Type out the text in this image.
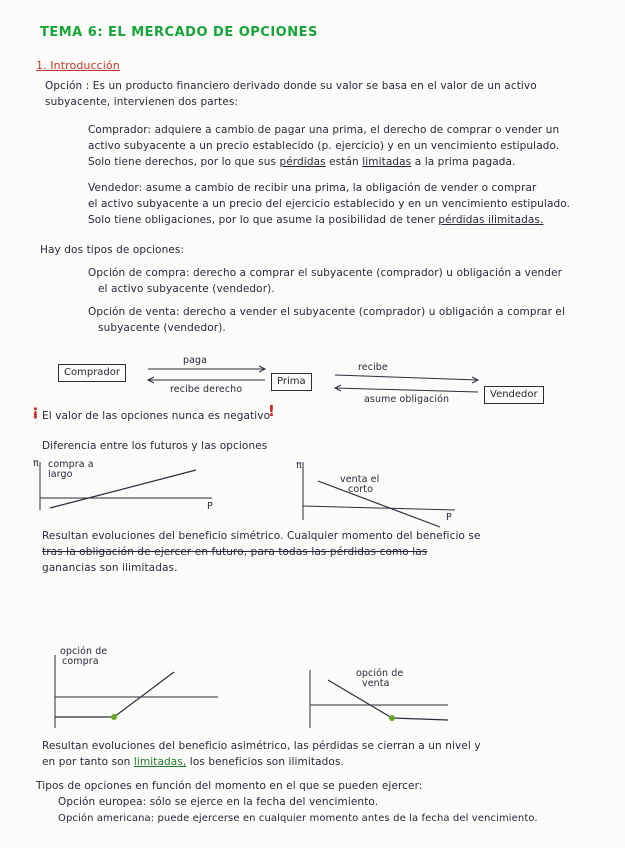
TEMA 6: EL MERCADO DE OPCIONES
1. Introducción
Opción : Es un producto financiero derivado donde su valor se basa en el valor de un activo
subyacente, intervienen dos partes:
Comprador: adquiere a cambio de pagar una prima, el derecho de comprar o vender un
activo subyacente a un precio establecido (p. ejercicio) y en un vencimiento estipulado.
Solo tiene derechos, por lo que sus pérdidas están limitadas a la prima pagada.
Vendedor: asume a cambio de recibir una prima, la obligación de vender o comprar
el activo subyacente a un precio del ejercicio establecido y en un vencimiento estipulado.
Solo tiene obligaciones, por lo que asume la posibilidad de tener pérdidas ilimitadas.
Hay dos tipos de opciones:
Opción de compra: derecho a comprar el subyacente (comprador) u obligación a vender
el activo subyacente (vendedor).
Opción de venta: derecho a vender el subyacente (comprador) u obligación a comprar el
subyacente (vendedor).
Comprador
Prima
Vendedor
paga
recibe derecho
recibe
asume obligación
¡ El valor de las opciones nunca es negativo
!
Diferencia entre los futuros y las opciones
π compra a
largo
P
π
venta el
corto
P
Resultan evoluciones del beneficio simétrico. Cualquier momento del beneficio se
tras la obligación de ejercer en futuro, para todas las pérdidas como las
ganancias son ilimitadas.
opción de
compra
opción de
venta
Resultan evoluciones del beneficio asimétrico, las pérdidas se cierran a un nivel y
en por tanto son limitadas, los beneficios son ilimitados.
Tipos de opciones en función del momento en el que se pueden ejercer:
Opción europea: sólo se ejerce en la fecha del vencimiento.
Opción americana: puede ejercerse en cualquier momento antes de la fecha del vencimiento.
